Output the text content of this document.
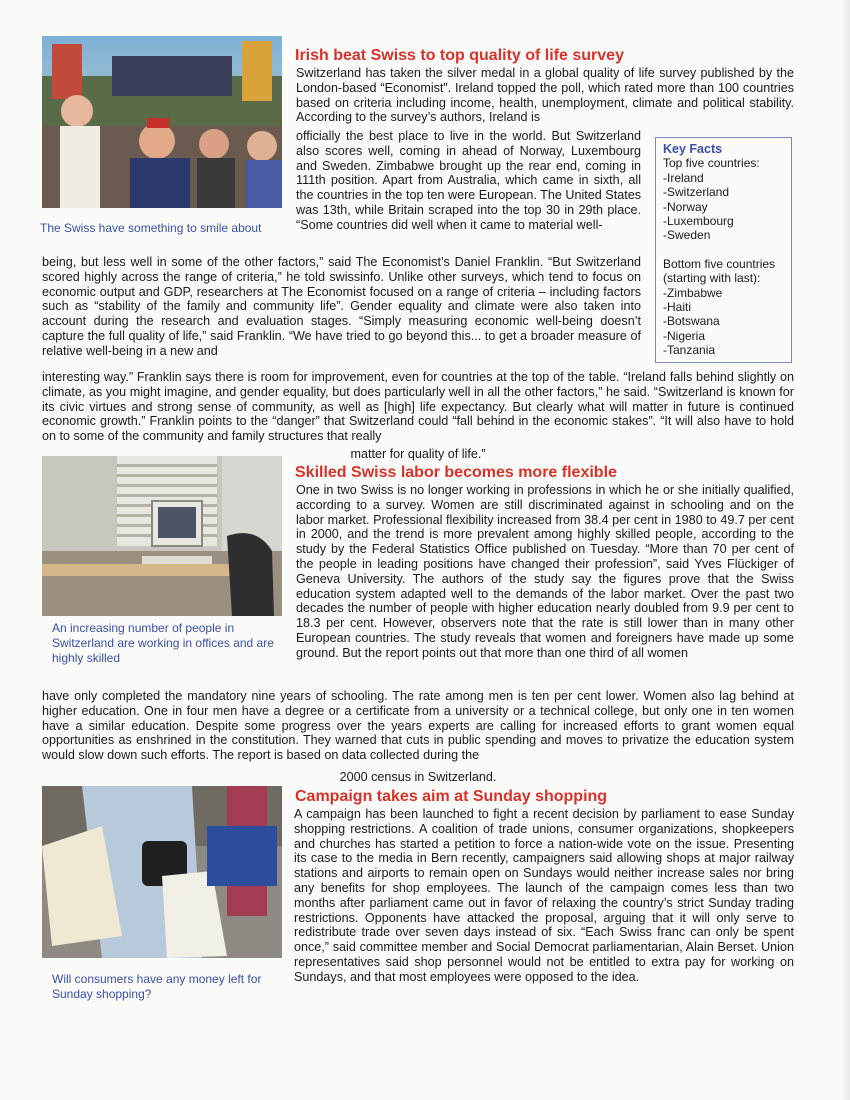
The Swiss have something to smile about
Irish beat Swiss to top quality of life survey

Switzerland has taken the silver medal in a global quality of life survey published by the London-based “Economist”. Ireland topped the poll, which rated more than 100 countries based on criteria including income, health, unemployment, climate and political stability. According to the survey’s authors, Ireland is

officially the best place to live in the world. But Switzerland also scores well, coming in ahead of Norway, Luxembourg and Sweden. Zimbabwe brought up the rear end, coming in 111th position. Apart from Australia, which came in sixth, all the countries in the top ten were European. The United States was 13th, while Britain scraped into the top 30 in 29th place. “Some countries did well when it came to material well-

being, but less well in some of the other factors,” said The Economist’s Daniel Franklin. “But Switzerland scored highly across the range of criteria,” he told swissinfo. Unlike other surveys, which tend to focus on economic output and GDP, researchers at The Economist focused on a range of criteria – including factors such as “stability of the family and community life”. Gender equality and climate were also taken into account during the research and evaluation stages. “Simply measuring economic well-being doesn’t capture the full quality of life,” said Franklin. “We have tried to go beyond this... to get a broader measure of relative well-being in a new and

interesting way.” Franklin says there is room for improvement, even for countries at the top of the table. “Ireland falls behind slightly on climate, as you might imagine, and gender equality, but does particularly well in all the other factors,” he said. “Switzerland is known for its civic virtues and strong sense of community, as well as [high] life expectancy. But clearly what will matter in future is continued economic growth.” Franklin points to the “danger” that Switzerland could “fall behind in the economic stakes”. “It will also have to hold on to some of the community and family structures that really

matter for quality of life.”

Key Facts
Top five countries:
-Ireland
-Switzerland
-Norway
-Luxembourg
-Sweden
Bottom five countries
(starting with last):
-Zimbabwe
-Haiti
-Botswana
-Nigeria
-Tanzania
An increasing number of people in Switzerland are working in offices and are highly skilled
Skilled Swiss labor becomes more flexible

One in two Swiss is no longer working in professions in which he or she initially qualified, according to a survey. Women are still discriminated against in schooling and on the labor market. Professional flexibility increased from 38.4 per cent in 1980 to 49.7 per cent in 2000, and the trend is more prevalent among highly skilled people, according to the study by the Federal Statistics Office published on Tuesday. “More than 70 per cent of the people in leading positions have changed their profession”, said Yves Flückiger of Geneva University. The authors of the study say the figures prove that the Swiss education system adapted well to the demands of the labor market. Over the past two decades the number of people with higher education nearly doubled from 9.9 per cent to 18.3 per cent. However, observers note that the rate is still lower than in many other European countries. The study reveals that women and foreigners have made up some ground. But the report points out that more than one third of all women

have only completed the mandatory nine years of schooling. The rate among men is ten per cent lower. Women also lag behind at higher education. One in four men have a degree or a certificate from a university or a technical college, but only one in ten women have a similar education. Despite some progress over the years experts are calling for increased efforts to grant women equal opportunities as enshrined in the constitution. They warned that cuts in public spending and moves to privatize the education system would slow down such efforts. The report is based on data collected during the

2000 census in Switzerland.

Will consumers have any money left for Sunday shopping?
Campaign takes aim at Sunday shopping

A campaign has been launched to fight a recent decision by parliament to ease Sunday shopping restrictions. A coalition of trade unions, consumer organizations, shopkeepers and churches has started a petition to force a nation-wide vote on the issue. Presenting its case to the media in Bern recently, campaigners said allowing shops at major railway stations and airports to remain open on Sundays would neither increase sales nor bring any benefits for shop employees. The launch of the campaign comes less than two months after parliament came out in favor of relaxing the country’s strict Sunday trading restrictions. Opponents have attacked the proposal, arguing that it will only serve to redistribute trade over seven days instead of six. “Each Swiss franc can only be spent once,” said committee member and Social Democrat parliamentarian, Alain Berset. Union representatives said shop personnel would not be entitled to extra pay for working on Sundays, and that most employees were opposed to the idea.
